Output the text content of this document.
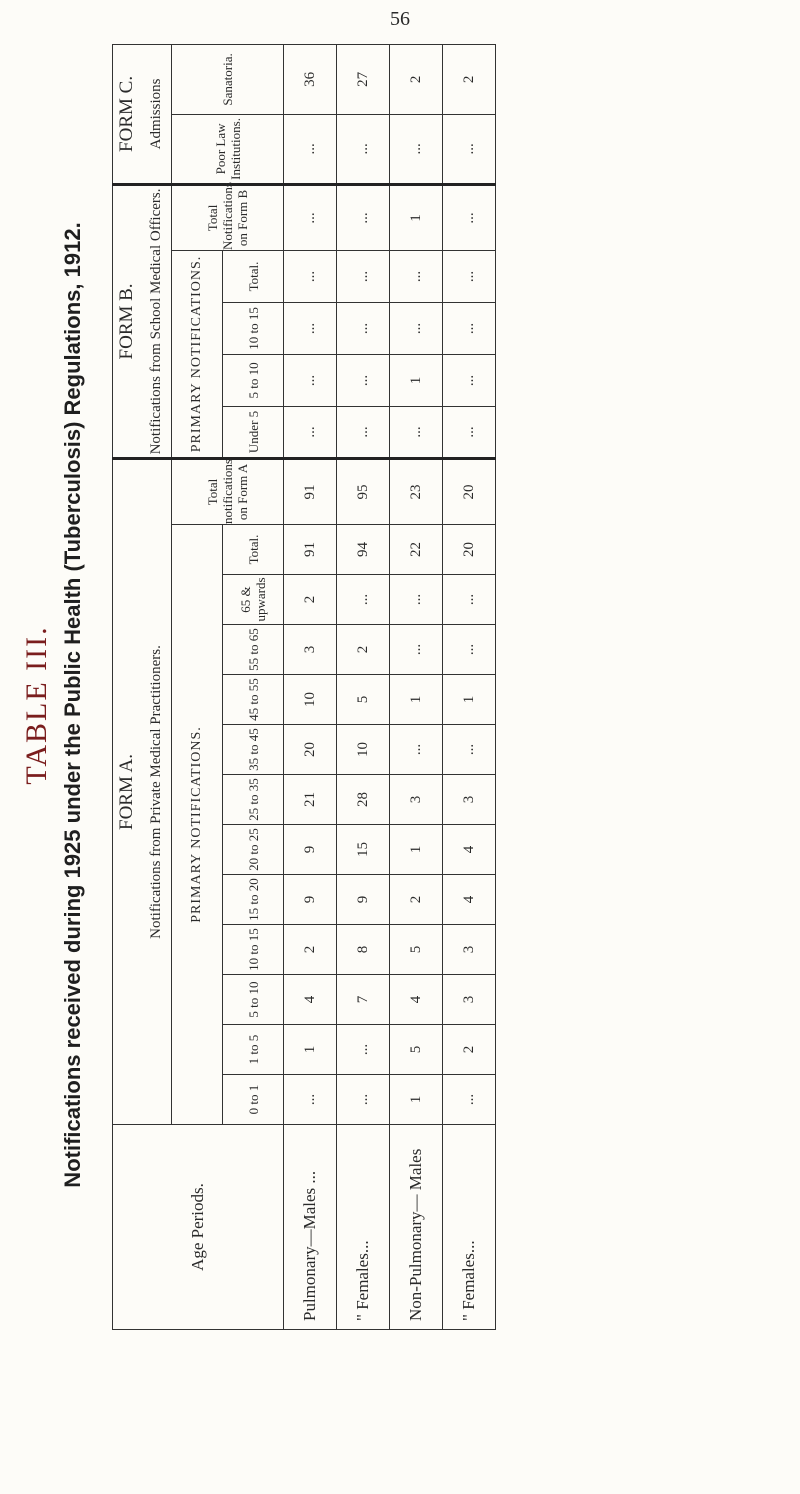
56
TABLE III. Notifications received during 1925 under the Public Health (Tuberculosis) Regulations, 1912.
Age Periods.	FORM A.													FORM B.					FORM C.	
	Notifications from Private Medical Practitioners.													Notifications from School Medical Officers.					Admissions	
	PRIMARY NOTIFICATIONS.												Total notifications on Form A	PRIMARY NOTIFICATIONS.				Total Notifications on Form B	Poor Law Institutions.	Sanatoria.
	0 to 1	1 to 5	5 to 10	10 to 15	15 to 20	20 to 25	25 to 35	35 to 45	45 to 55	55 to 65	65 & upwards	Total.		Under 5	5 to 10	10 to 15	Total.			
Pulmonary—Males ...	...	1	4	2	9	9	21	20	10	3	2	91	91	...	...	...	...	...	...	36
" Females...	...	...	7	8	9	15	28	10	5	2	...	94	95	...	...	...	...	...	...	27
Non-Pulmonary— Males	1	5	4	5	2	1	3	...	1	...	...	22	23	...	1	...	...	1	...	2
" Females...	...	2	3	3	4	4	3	...	1	...	...	20	20	...	...	...	...	...	...	2
